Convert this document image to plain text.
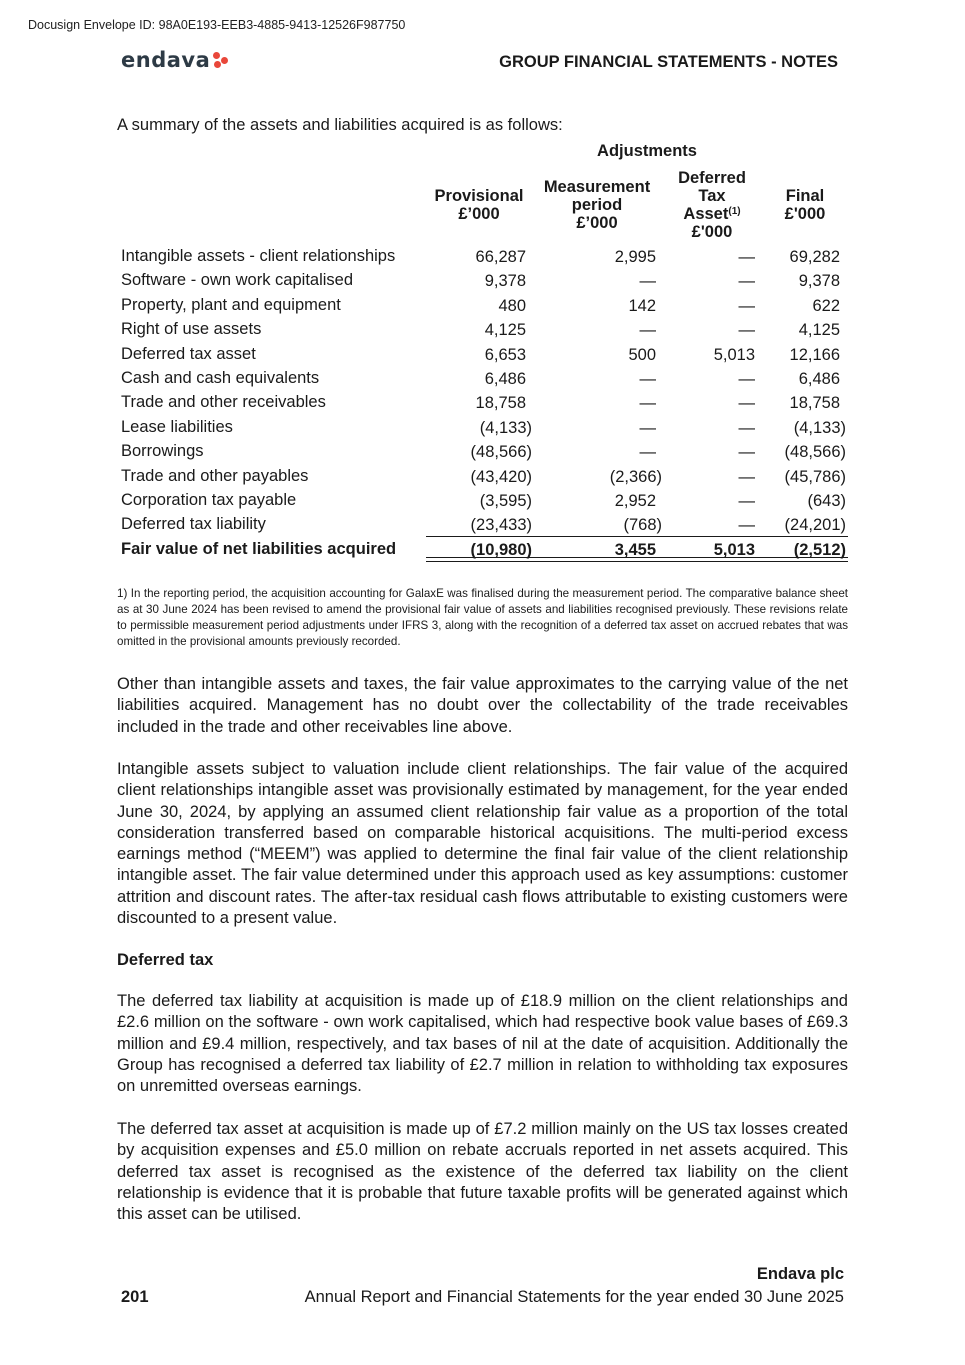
Docusign Envelope ID: 98A0E193-EEB3-4885-9413-12526F987750
endava	GROUP FINANCIAL STATEMENTS - NOTES
A summary of the assets and liabilities acquired is as follows:
Adjustments
Provisional
£’000
Measurement
period
£’000
Deferred
Tax
Asset$^{(1)}$
£'000
Final
£'000
Intangible assets - client relationships	66,287	2,995	— 69,282
Software - own work capitalised	9,378	—	—	9,378
Property, plant and equipment	480	142	—	622
Right of use assets	4,125	—	—	4,125
Deferred tax asset	6,653	500	5,013 12,166
Cash and cash equivalents	6,486	—	—	6,486
Trade and other receivables	18,758	—	— 18,758
Lease liabilities	(4,133)	—	— (4,133)
Borrowings	(48,566)	—	— (48,566)
Trade and other payables	(43,420)	(2,366)	— (45,786)
Corporation tax payable	(3,595)	2,952	—	(643)
Deferred tax liability	(23,433)	(768)	— (24,201)
Fair value of net liabilities acquired	(10,980)	3,455	5,013 (2,512)
1) In the reporting period, the acquisition accounting for GalaxE was finalised during the measurement period. The comparative balance sheet as at 30 June 2024 has been revised to amend the provisional fair value of assets and liabilities recognised previously. These revisions relate to permissible measurement period adjustments under IFRS 3, along with the recognition of a deferred tax asset on accrued rebates that was omitted in the provisional amounts previously recorded.
Other than intangible assets and taxes, the fair value approximates to the carrying value of the net liabilities acquired. Management has no doubt over the collectability of the trade receivables included in the trade and other receivables line above.
Intangible assets subject to valuation include client relationships. The fair value of the acquired client relationships intangible asset was provisionally estimated by management, for the year ended June 30, 2024, by applying an assumed client relationship fair value as a proportion of the total consideration transferred based on comparable historical acquisitions. The multi-period excess earnings method (“MEEM”) was applied to determine the final fair value of the client relationship intangible asset. The fair value determined under this approach used as key assumptions: customer attrition and discount rates. The after-tax residual cash flows attributable to existing customers were discounted to a present value.
Deferred tax
The deferred tax liability at acquisition is made up of £18.9 million on the client relationships and £2.6 million on the software - own work capitalised, which had respective book value bases of £69.3 million and £9.4 million, respectively, and tax bases of nil at the date of acquisition. Additionally the Group has recognised a deferred tax liability of £2.7 million in relation to withholding tax exposures on unremitted overseas earnings.
The deferred tax asset at acquisition is made up of £7.2 million mainly on the US tax losses created by acquisition expenses and £5.0 million on rebate accruals reported in net assets acquired. This deferred tax asset is recognised as the existence of the deferred tax liability on the client relationship is evidence that it is probable that future taxable profits will be generated against which this asset can be utilised.
Endava plc
201	Annual Report and Financial Statements for the year ended 30 June 2025
